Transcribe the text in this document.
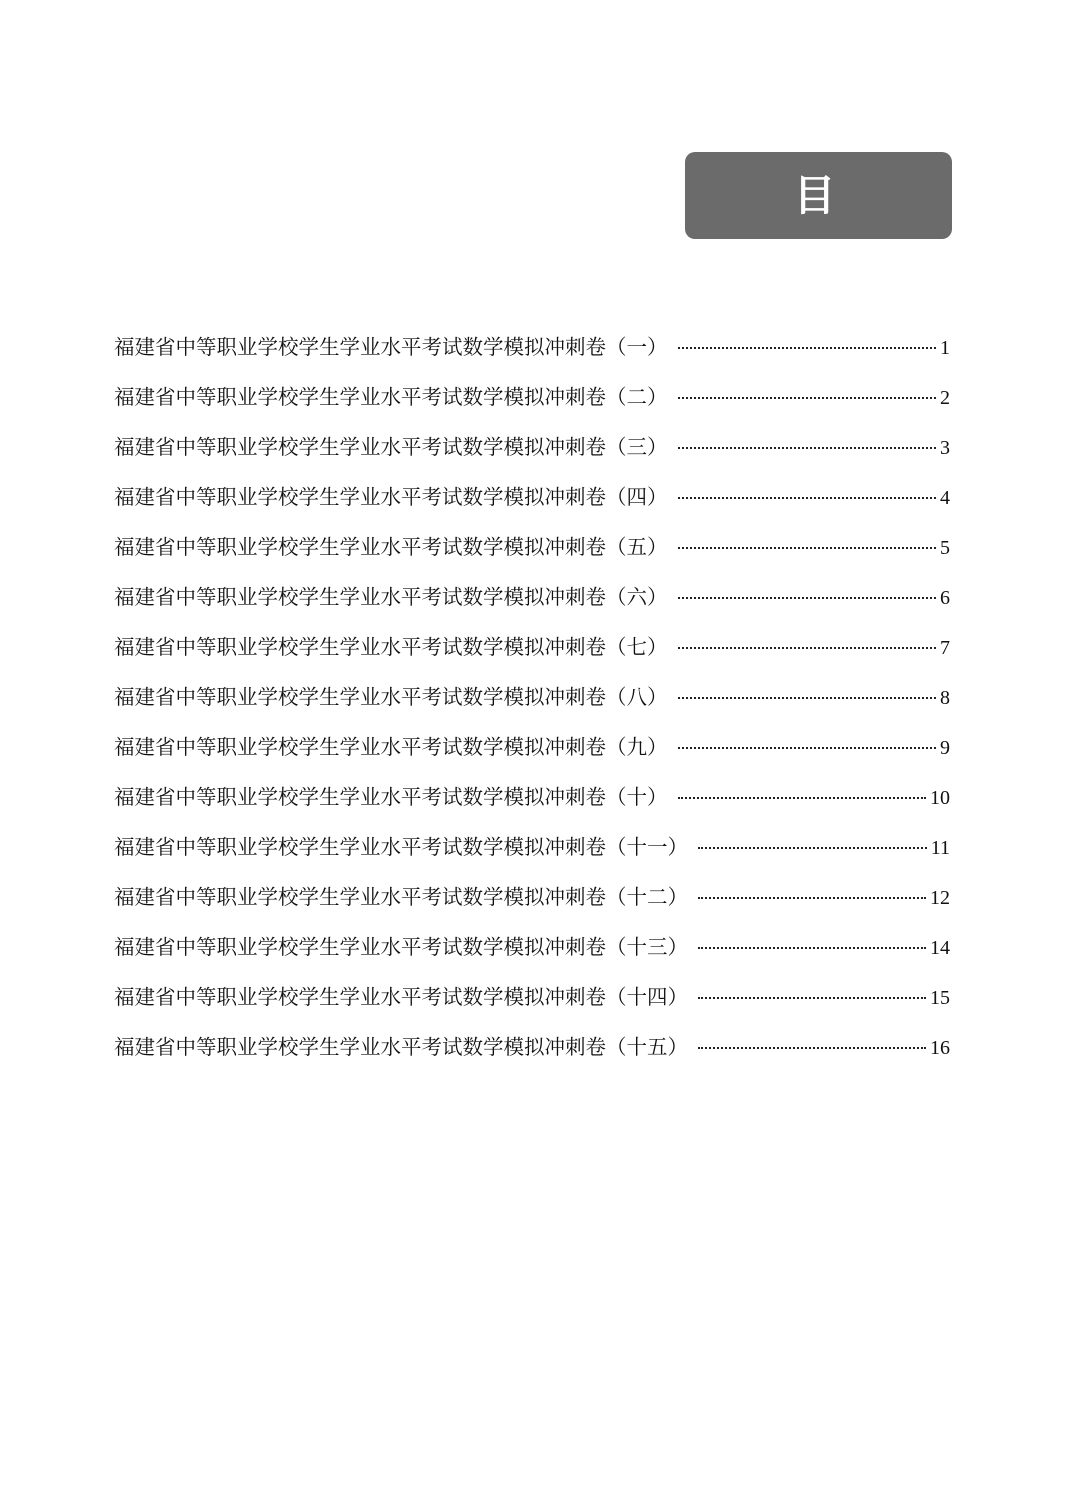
目　录
福建省中等职业学校学生学业水平考试数学模拟冲刺卷（一）	1
福建省中等职业学校学生学业水平考试数学模拟冲刺卷（二）	2
福建省中等职业学校学生学业水平考试数学模拟冲刺卷（三）	3
福建省中等职业学校学生学业水平考试数学模拟冲刺卷（四）	4
福建省中等职业学校学生学业水平考试数学模拟冲刺卷（五）	5
福建省中等职业学校学生学业水平考试数学模拟冲刺卷（六）	6
福建省中等职业学校学生学业水平考试数学模拟冲刺卷（七）	7
福建省中等职业学校学生学业水平考试数学模拟冲刺卷（八）	8
福建省中等职业学校学生学业水平考试数学模拟冲刺卷（九）	9
福建省中等职业学校学生学业水平考试数学模拟冲刺卷（十）	10
福建省中等职业学校学生学业水平考试数学模拟冲刺卷（十一）	11
福建省中等职业学校学生学业水平考试数学模拟冲刺卷（十二）	12
福建省中等职业学校学生学业水平考试数学模拟冲刺卷（十三）	14
福建省中等职业学校学生学业水平考试数学模拟冲刺卷（十四）	15
福建省中等职业学校学生学业水平考试数学模拟冲刺卷（十五）	16
